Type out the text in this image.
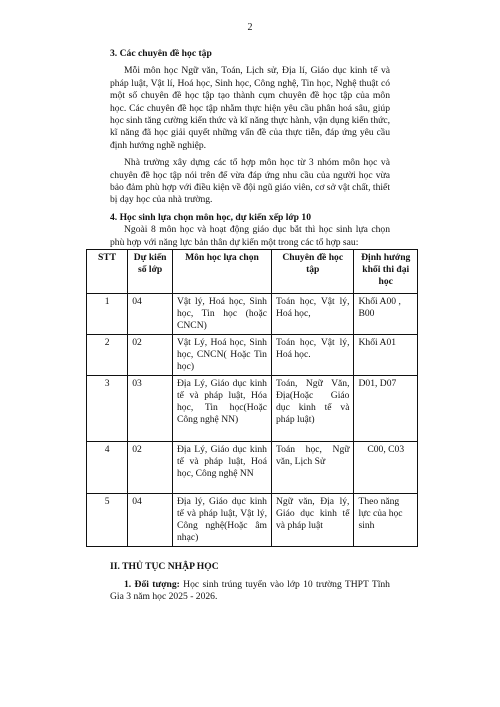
2

3. Các chuyên đề học tập

Mỗi môn học Ngữ văn, Toán, Lịch sử, Địa lí, Giáo dục kinh tế và pháp luật, Vật lí, Hoá học, Sinh học, Công nghệ, Tin học, Nghệ thuật có một số chuyên đề học tập tạo thành cụm chuyên đề học tập của môn học. Các chuyên đề học tập nhằm thực hiện yêu cầu phân hoá sâu, giúp học sinh tăng cường kiến thức và kĩ năng thực hành, vận dụng kiến thức, kĩ năng đã học giải quyết những vấn đề của thực tiễn, đáp ứng yêu cầu định hướng nghề nghiệp.

Nhà trường xây dựng các tổ hợp môn học từ 3 nhóm môn học và chuyên đề học tập nói trên để vừa đáp ứng nhu cầu của người học vừa bảo đảm phù hợp với điều kiện về đội ngũ giáo viên, cơ sở vật chất, thiết bị dạy học của nhà trường.

4. Học sinh lựa chọn môn học, dự kiến xếp lớp 10

Ngoài 8 môn học và hoạt động giáo dục bắt thì học sinh lựa chọn phù hợp với năng lực bản thân dự kiến một trong các tổ hợp sau:

STT	Dự kiến số lớp	Môn học lựa chọn	Chuyên đề học tập	Định hướng khối thi đại học
1	04	Vật lý, Hoá học, Sinh học, Tin học (hoặc CNCN)	Toán học, Vật lý, Hoá học,	Khối A00 , B00
2	02	Vật Lý, Hoá học, Sinh học, CNCN( Hoặc Tin học)	Toán học, Vật lý, Hoá học.	Khối A01
3	03	Địa Lý, Giáo dục kinh tế và pháp luật, Hóa học, Tin học(Hoặc Công nghệ NN)	Toán, Ngữ Văn, Địa(Hoặc Giáo dục kinh tế và pháp luật)	D01, D07
4	02	Địa Lý, Giáo dục kinh tế và pháp luật, Hoá học, Công nghệ NN	Toán học, Ngữ văn, Lịch Sử	C00, C03
5	04	Địa lý, Giáo dục kinh tế và pháp luật, Vật lý, Công nghệ(Hoặc âm nhạc)	Ngữ văn, Địa lý, Giáo dục kinh tế và pháp luật	Theo năng lực của học sinh

II. THỦ TỤC NHẬP HỌC

1. Đối tượng: Học sinh trúng tuyển vào lớp 10 trường THPT Tĩnh Gia 3 năm học 2025 - 2026.
